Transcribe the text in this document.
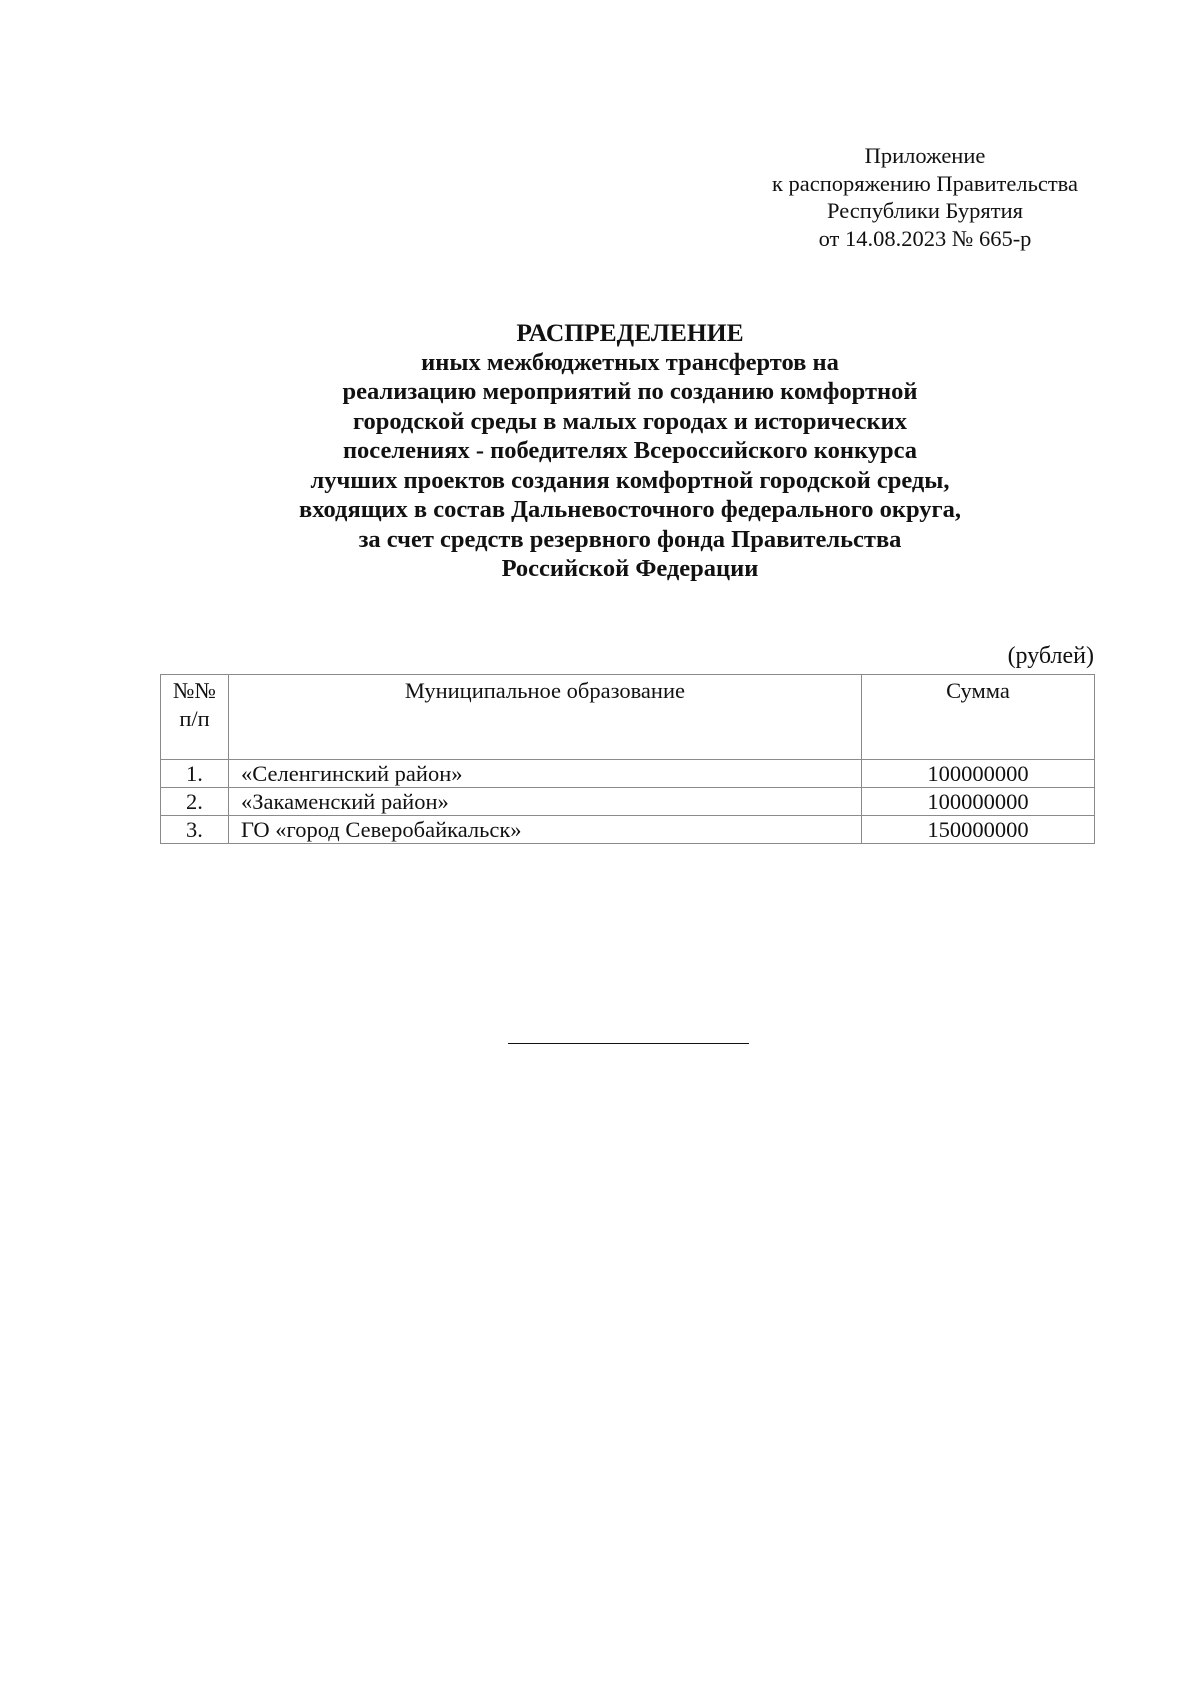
Приложение
к распоряжению Правительства
Республики Бурятия
от 14.08.2023 № 665-р
РАСПРЕДЕЛЕНИЕ
иных межбюджетных трансфертов на
реализацию мероприятий по созданию комфортной
городской среды в малых городах и исторических
поселениях - победителях Всероссийского конкурса
лучших проектов создания комфортной городской среды,
входящих в состав Дальневосточного федерального округа,
за счет средств резервного фонда Правительства
Российской Федерации
(рублей)
№№
п/п	Муниципальное образование	Сумма
1.	«Селенгинский район»	100000000
2.	«Закаменский район»	100000000
3.	ГО «город Северобайкальск»	150000000
